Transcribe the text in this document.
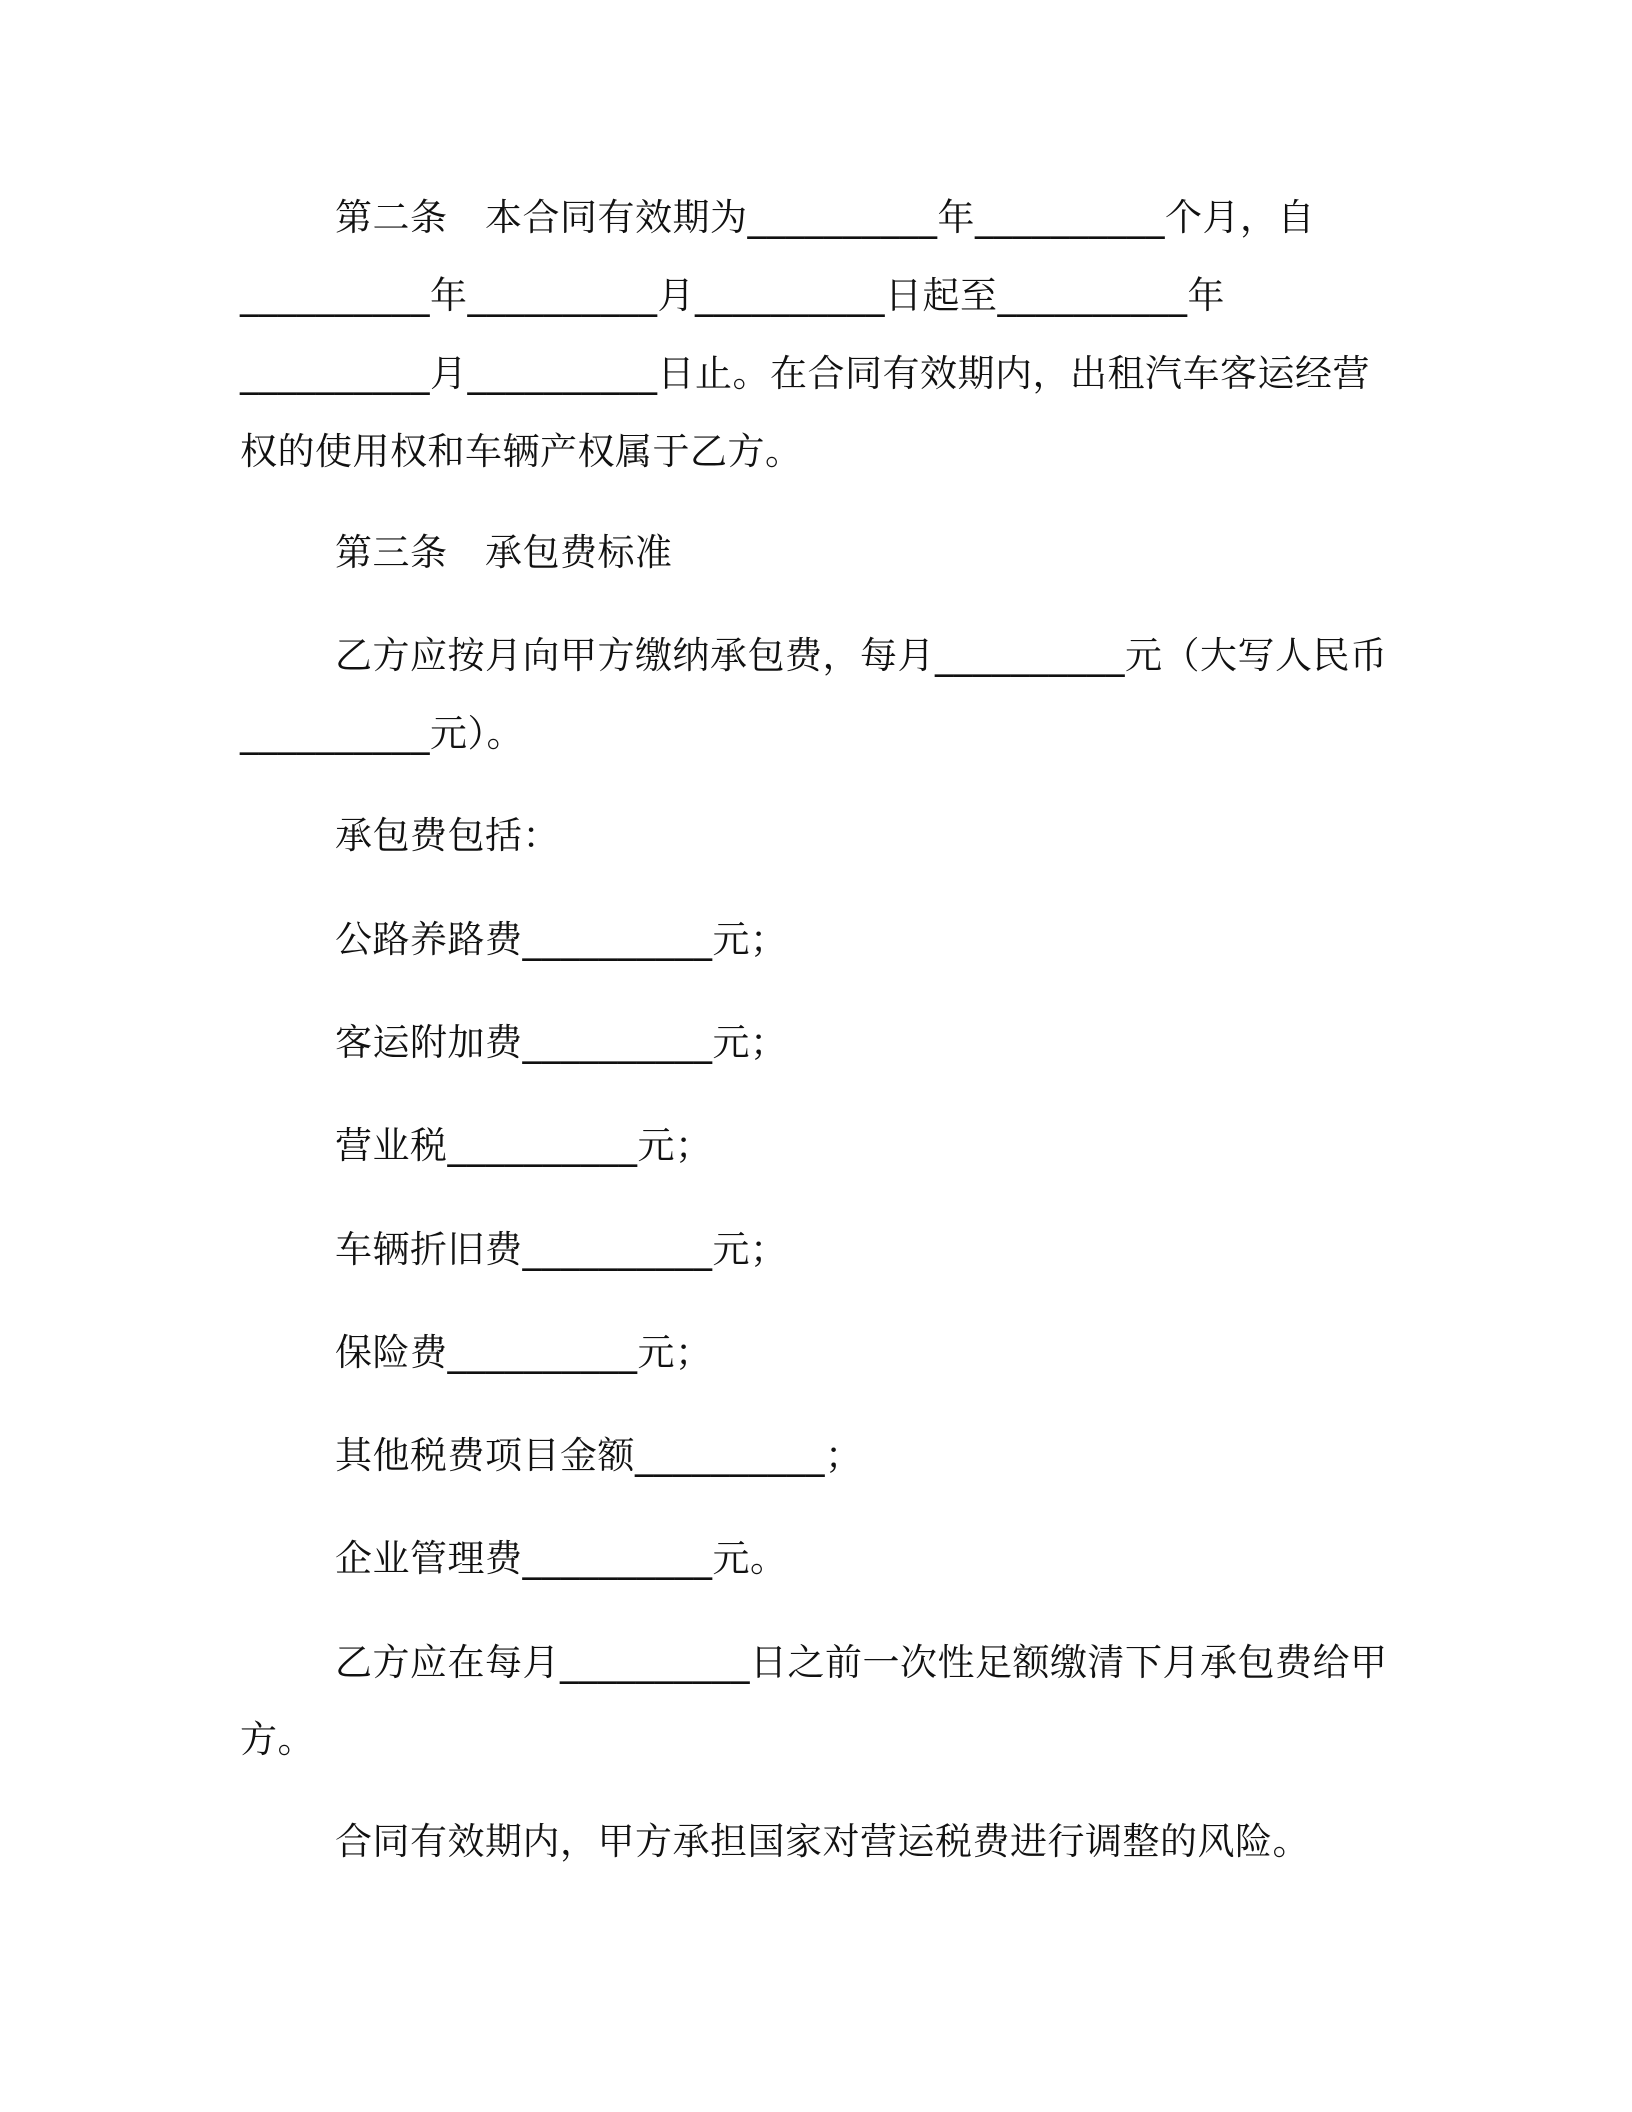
第二条　本合同有效期为__________年__________个月，自
__________年__________月__________日起至__________年
__________月__________日止。在合同有效期内，出租汽车客运经营
权的使用权和车辆产权属于乙方。
第三条　承包费标准
乙方应按月向甲方缴纳承包费，每月__________元（大写人民币
__________元）。
承包费包括：
公路养路费__________元；
客运附加费__________元；
营业税__________元；
车辆折旧费__________元；
保险费__________元；
其他税费项目金额__________；
企业管理费__________元。
乙方应在每月__________日之前一次性足额缴清下月承包费给甲
方。
合同有效期内，甲方承担国家对营运税费进行调整的风险。
